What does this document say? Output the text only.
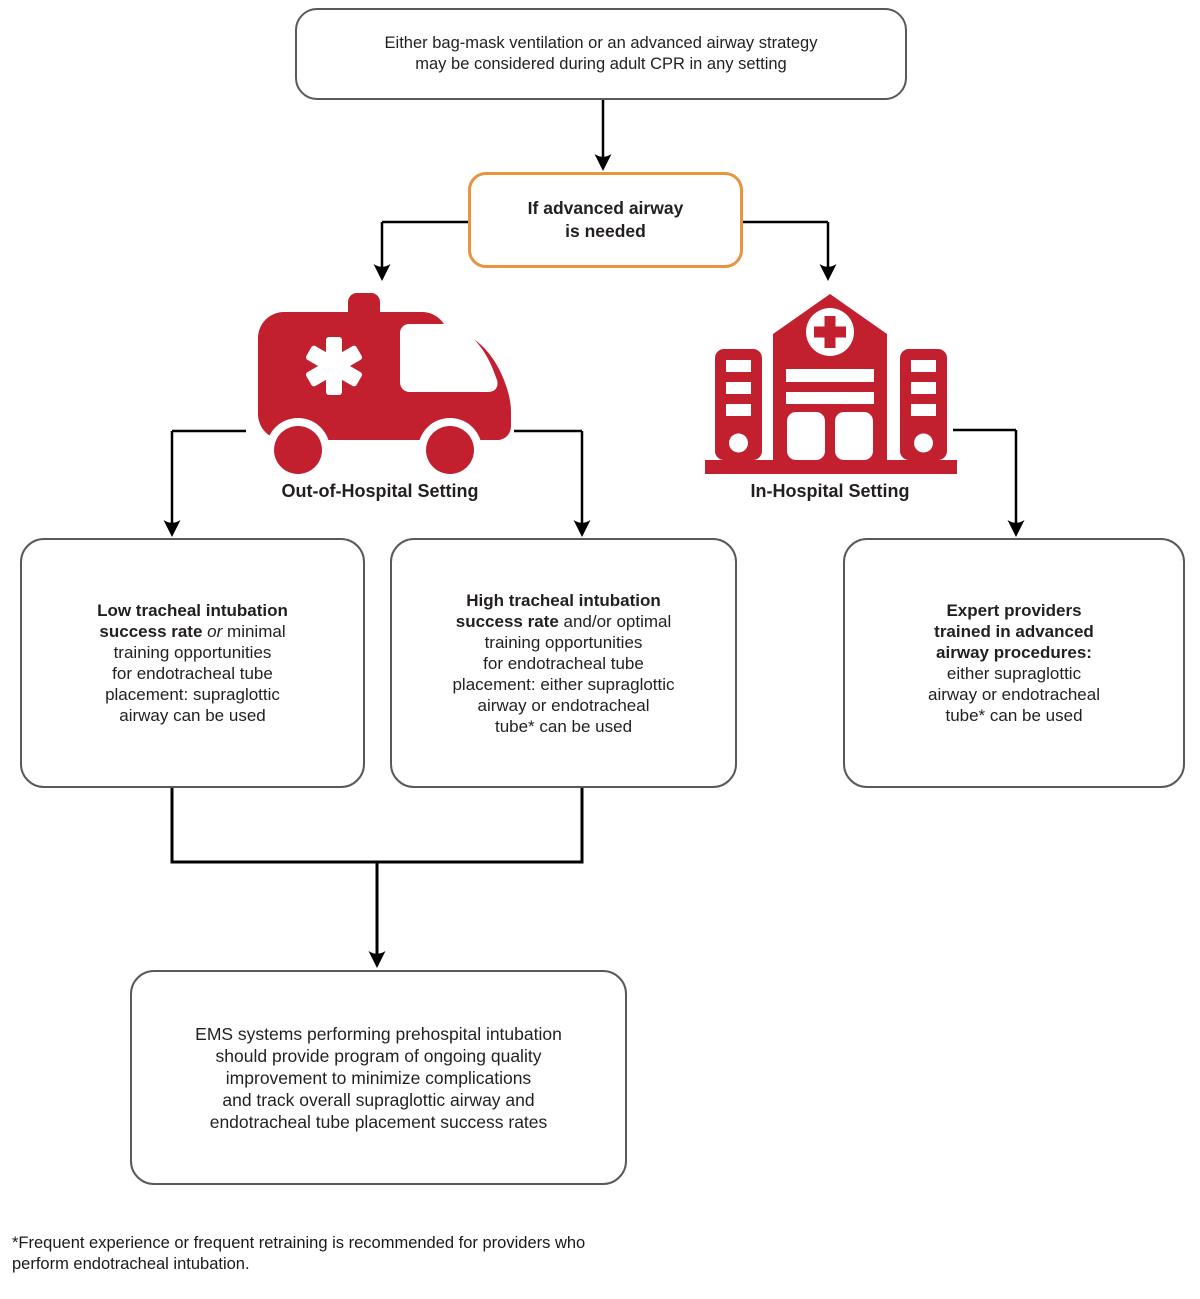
Either bag-mask ventilation or an advanced airway strategy
may be considered during adult CPR in any setting
If advanced airway
is needed
Out-of-Hospital Setting	In-Hospital Setting
Low tracheal intubation
success rate or minimal
training opportunities
for endotracheal tube
placement: supraglottic
airway can be used
High tracheal intubation
success rate and/or optimal
training opportunities
for endotracheal tube
placement: either supraglottic
airway or endotracheal
tube* can be used
Expert providers
trained in advanced
airway procedures:
either supraglottic
airway or endotracheal
tube* can be used
EMS systems performing prehospital intubation
should provide program of ongoing quality
improvement to minimize complications
and track overall supraglottic airway and
endotracheal tube placement success rates
*Frequent experience or frequent retraining is recommended for providers who
perform endotracheal intubation.
